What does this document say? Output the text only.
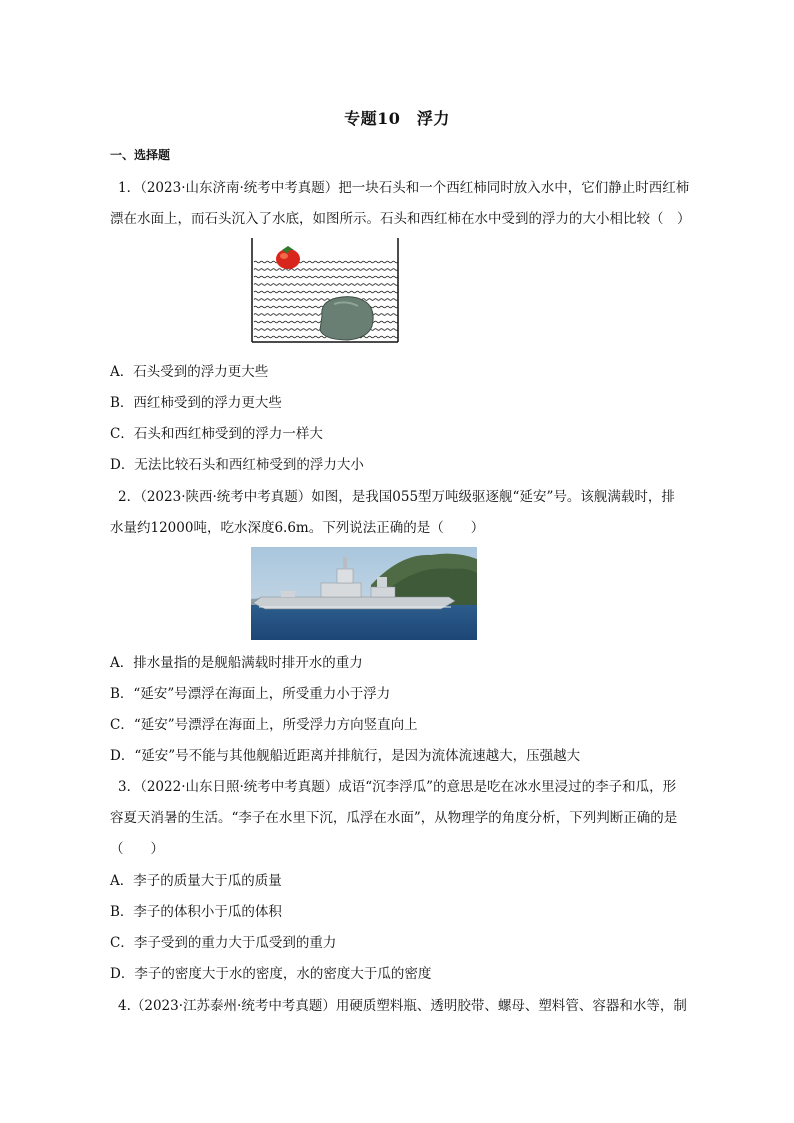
专题10　浮力
一、选择题
1．（2023·山东济南·统考中考真题）把一块石头和一个西红柿同时放入水中，它们静止时西红柿
漂在水面上，而石头沉入了水底，如图所示。石头和西红柿在水中受到的浮力的大小相比较（　）
A．石头受到的浮力更大些
B．西红柿受到的浮力更大些
C．石头和西红柿受到的浮力一样大
D．无法比较石头和西红柿受到的浮力大小
2．（2023·陕西·统考中考真题）如图，是我国055型万吨级驱逐舰“延安”号。该舰满载时，排
水量约12000吨，吃水深度6.6m。下列说法正确的是（　　）
A．排水量指的是舰船满载时排开水的重力
B．“延安”号漂浮在海面上，所受重力小于浮力
C．“延安”号漂浮在海面上，所受浮力方向竖直向上
D．“延安”号不能与其他舰船近距离并排航行，是因为流体流速越大，压强越大
3．（2022·山东日照·统考中考真题）成语“沉李浮瓜”的意思是吃在冰水里浸过的李子和瓜，形
容夏天消暑的生活。“李子在水里下沉，瓜浮在水面”，从物理学的角度分析，下列判断正确的是
（　　）
A．李子的质量大于瓜的质量
B．李子的体积小于瓜的体积
C．李子受到的重力大于瓜受到的重力
D．李子的密度大于水的密度，水的密度大于瓜的密度
4.（2023·江苏泰州·统考中考真题）用硬质塑料瓶、透明胶带、螺母、塑料管、容器和水等，制
